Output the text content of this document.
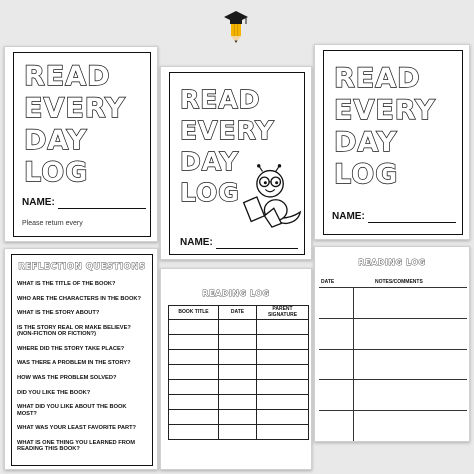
READ
EVERY
DAY
LOG
NAME:
Please return every
READ
EVERY
DAY
LOG
NAME:
READ
EVERY
DAY
LOG
NAME:
REFLECTION QUESTIONS
WHAT IS THE TITLE OF THE BOOK?
WHO ARE THE CHARACTERS IN THE BOOK?
WHAT IS THE STORY ABOUT?
IS THE STORY REAL OR MAKE BELIEVE?
(NON-FICTION OR FICTION?)
WHERE DID THE STORY TAKE PLACE?
WAS THERE A PROBLEM IN THE STORY?
HOW WAS THE PROBLEM SOLVED?
DID YOU LIKE THE BOOK?
WHAT DID YOU LIKE ABOUT THE BOOK MOST?
WHAT WAS YOUR LEAST FAVORITE PART?
WHAT IS ONE THING YOU LEARNED FROM
READING THIS BOOK?
READING LOG
BOOK TITLE	DATE	PARENT
SIGNATURE

READING LOG
DATE	NOTES/COMMENTS
